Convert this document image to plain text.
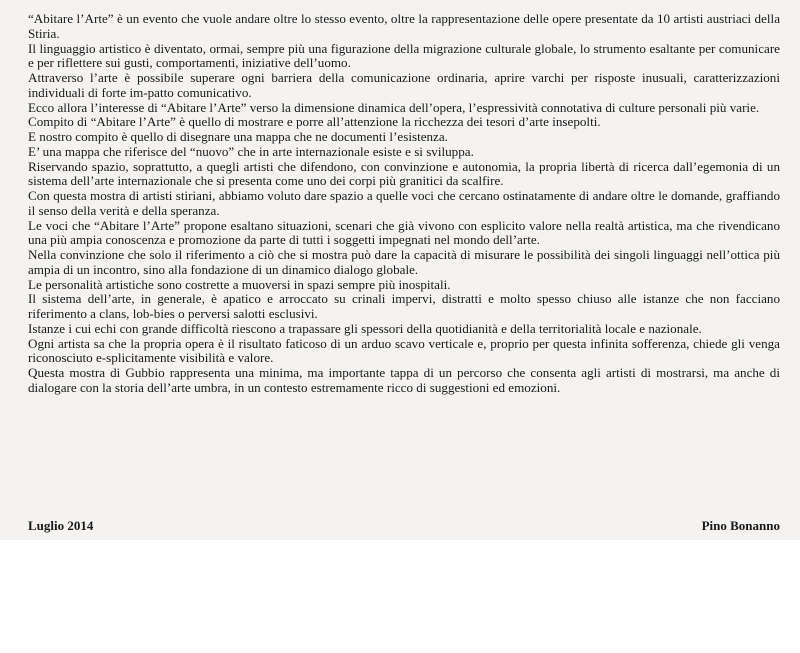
“Abitare l’Arte” è un evento che vuole andare oltre lo stesso evento, oltre la rappresentazione delle opere presentate da 10 artisti austriaci della Stiria.

Il linguaggio artistico è diventato, ormai, sempre più una figurazione della migrazione culturale globale, lo strumento esaltante per comunicare e per riflettere sui gusti, comportamenti, iniziative dell’uomo.

Attraverso l’arte è possibile superare ogni barriera della comunicazione ordinaria, aprire varchi per risposte inusuali, caratterizzazioni individuali di forte im-patto comunicativo.

Ecco allora l’interesse di “Abitare l’Arte” verso la dimensione dinamica dell’opera, l’espressività connotativa di culture personali più varie.

Compito di “Abitare l’Arte” è quello di mostrare e porre all’attenzione la ricchezza dei tesori d’arte insepolti.

E nostro compito è quello di disegnare una mappa che ne documenti l’esistenza.

E’ una mappa che riferisce del “nuovo” che in arte internazionale esiste e si sviluppa.

Riservando spazio, soprattutto, a quegli artisti che difendono, con convinzione e autonomia, la propria libertà di ricerca dall’egemonia di un sistema dell’arte internazionale che si presenta come uno dei corpi più granitici da scalfire.

Con questa mostra di artisti stiriani, abbiamo voluto dare spazio a quelle voci che cercano ostinatamente di andare oltre le domande, graffiando il senso della verità e della speranza.

Le voci che “Abitare l’Arte” propone esaltano situazioni, scenari che già vivono con esplicito valore nella realtà artistica, ma che rivendicano una più ampia conoscenza e promozione da parte di tutti i soggetti impegnati nel mondo dell’arte.

Nella convinzione che solo il riferimento a ciò che si mostra può dare la capacità di misurare le possibilità dei singoli linguaggi nell’ottica più ampia di un incontro, sino alla fondazione di un dinamico dialogo globale.

Le personalità artistiche sono costrette a muoversi in spazi sempre più inospitali.

Il sistema dell’arte, in generale, è apatico e arroccato su crinali impervi, distratti e molto spesso chiuso alle istanze che non facciano riferimento a clans, lob-bies o perversi salotti esclusivi.

Istanze i cui echi con grande difficoltà riescono a trapassare gli spessori della quotidianità e della territorialità locale e nazionale.

Ogni artista sa che la propria opera è il risultato faticoso di un arduo scavo verticale e, proprio per questa infinita sofferenza, chiede gli venga riconosciuto e-splicitamente visibilità e valore.

Questa mostra di Gubbio rappresenta una minima, ma importante tappa di un percorso che consenta agli artisti di mostrarsi, ma anche di dialogare con la storia dell’arte umbra, in un contesto estremamente ricco di suggestioni ed emozioni.

Luglio 2014	Pino Bonanno
